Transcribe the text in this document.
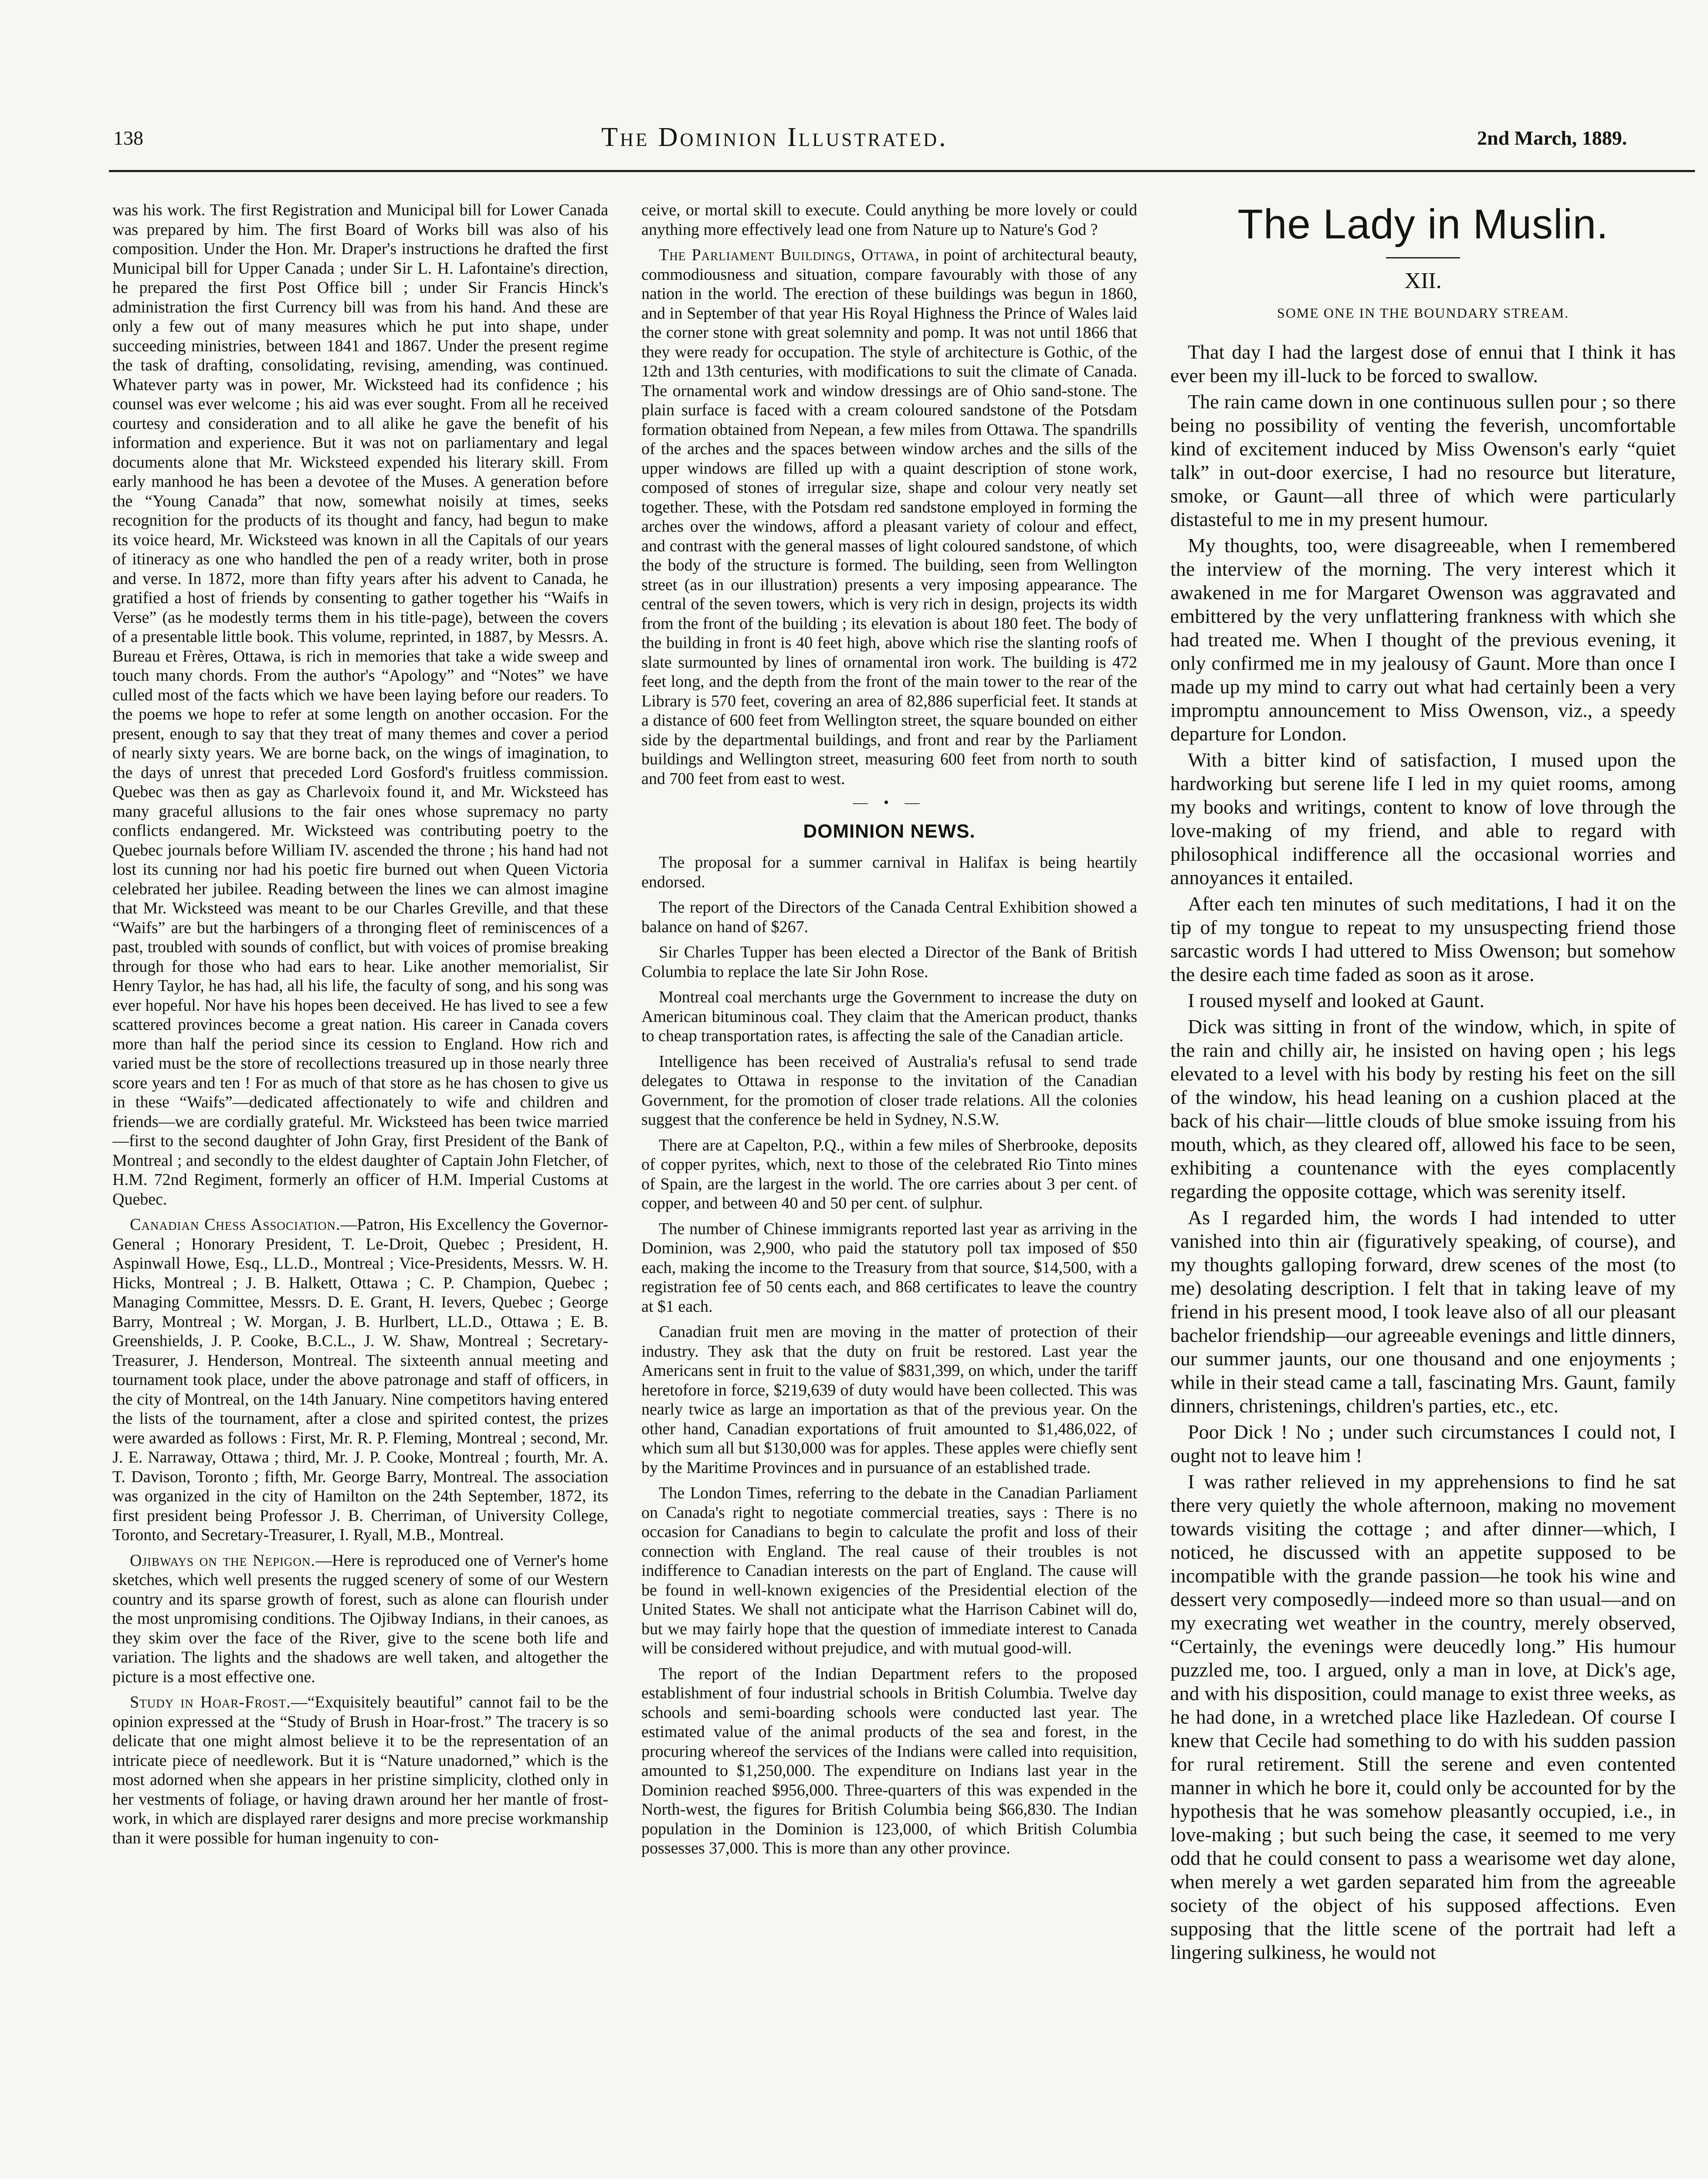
138	The Dominion Illustrated.	2nd March, 1889.

was his work. The first Registration and Municipal bill for Lower Canada was prepared by him. The first Board of Works bill was also of his composition. Under the Hon. Mr. Draper's instructions he drafted the first Municipal bill for Upper Canada ; under Sir L. H. Lafontaine's direction, he prepared the first Post Office bill ; under Sir Francis Hinck's administration the first Currency bill was from his hand. And these are only a few out of many measures which he put into shape, under succeeding ministries, between 1841 and 1867. Under the present regime the task of drafting, consolidating, revising, amending, was continued. Whatever party was in power, Mr. Wicksteed had its confidence ; his counsel was ever welcome ; his aid was ever sought. From all he received courtesy and consideration and to all alike he gave the benefit of his information and experience. But it was not on parliamentary and legal documents alone that Mr. Wicksteed expended his literary skill. From early manhood he has been a devotee of the Muses. A generation before the “Young Canada” that now, somewhat noisily at times, seeks recognition for the products of its thought and fancy, had begun to make its voice heard, Mr. Wicksteed was known in all the Capitals of our years of itineracy as one who handled the pen of a ready writer, both in prose and verse. In 1872, more than fifty years after his advent to Canada, he gratified a host of friends by consenting to gather together his “Waifs in Verse” (as he modestly terms them in his title-page), between the covers of a presentable little book. This volume, reprinted, in 1887, by Messrs. A. Bureau et Frères, Ottawa, is rich in memories that take a wide sweep and touch many chords. From the author's “Apology” and “Notes” we have culled most of the facts which we have been laying before our readers. To the poems we hope to refer at some length on another occasion. For the present, enough to say that they treat of many themes and cover a period of nearly sixty years. We are borne back, on the wings of imagination, to the days of unrest that preceded Lord Gosford's fruitless commission. Quebec was then as gay as Charlevoix found it, and Mr. Wicksteed has many graceful allusions to the fair ones whose supremacy no party conflicts endangered. Mr. Wicksteed was contributing poetry to the Quebec journals before William IV. ascended the throne ; his hand had not lost its cunning nor had his poetic fire burned out when Queen Victoria celebrated her jubilee. Reading between the lines we can almost imagine that Mr. Wicksteed was meant to be our Charles Greville, and that these “Waifs” are but the harbingers of a thronging fleet of reminiscences of a past, troubled with sounds of conflict, but with voices of promise breaking through for those who had ears to hear. Like another memorialist, Sir Henry Taylor, he has had, all his life, the faculty of song, and his song was ever hopeful. Nor have his hopes been deceived. He has lived to see a few scattered provinces become a great nation. His career in Canada covers more than half the period since its cession to England. How rich and varied must be the store of recollections treasured up in those nearly three score years and ten ! For as much of that store as he has chosen to give us in these “Waifs”—dedicated affectionately to wife and children and friends—we are cordially grateful. Mr. Wicksteed has been twice married—first to the second daughter of John Gray, first President of the Bank of Montreal ; and secondly to the eldest daughter of Captain John Fletcher, of H.M. 72nd Regiment, formerly an officer of H.M. Imperial Customs at Quebec.

Canadian Chess Association.—Patron, His Excellency the Governor-General ; Honorary President, T. Le-Droit, Quebec ; President, H. Aspinwall Howe, Esq., LL.D., Montreal ; Vice-Presidents, Messrs. W. H. Hicks, Montreal ; J. B. Halkett, Ottawa ; C. P. Champion, Quebec ; Managing Committee, Messrs. D. E. Grant, H. Ievers, Quebec ; George Barry, Montreal ; W. Morgan, J. B. Hurlbert, LL.D., Ottawa ; E. B. Greenshields, J. P. Cooke, B.C.L., J. W. Shaw, Montreal ; Secretary-Treasurer, J. Henderson, Montreal. The sixteenth annual meeting and tournament took place, under the above patronage and staff of officers, in the city of Montreal, on the 14th January. Nine competitors having entered the lists of the tournament, after a close and spirited contest, the prizes were awarded as follows : First, Mr. R. P. Fleming, Montreal ; second, Mr. J. E. Narraway, Ottawa ; third, Mr. J. P. Cooke, Montreal ; fourth, Mr. A. T. Davison, Toronto ; fifth, Mr. George Barry, Montreal. The association was organized in the city of Hamilton on the 24th September, 1872, its first president being Professor J. B. Cherriman, of University College, Toronto, and Secretary-Treasurer, I. Ryall, M.B., Montreal.

Ojibways on the Nepigon.—Here is reproduced one of Verner's home sketches, which well presents the rugged scenery of some of our Western country and its sparse growth of forest, such as alone can flourish under the most unpromising conditions. The Ojibway Indians, in their canoes, as they skim over the face of the River, give to the scene both life and variation. The lights and the shadows are well taken, and altogether the picture is a most effective one.

Study in Hoar-Frost.—“Exquisitely beautiful” cannot fail to be the opinion expressed at the “Study of Brush in Hoar-frost.” The tracery is so delicate that one might almost believe it to be the representation of an intricate piece of needlework. But it is “Nature unadorned,” which is the most adorned when she appears in her pristine simplicity, clothed only in her vestments of foliage, or having drawn around her her mantle of frost-work, in which are displayed rarer designs and more precise workmanship than it were possible for human ingenuity to con-

ceive, or mortal skill to execute. Could anything be more lovely or could anything more effectively lead one from Nature up to Nature's God ?

The Parliament Buildings, Ottawa, in point of architectural beauty, commodiousness and situation, compare favourably with those of any nation in the world. The erection of these buildings was begun in 1860, and in September of that year His Royal Highness the Prince of Wales laid the corner stone with great solemnity and pomp. It was not until 1866 that they were ready for occupation. The style of architecture is Gothic, of the 12th and 13th centuries, with modifications to suit the climate of Canada. The ornamental work and window dressings are of Ohio sand-stone. The plain surface is faced with a cream coloured sandstone of the Potsdam formation obtained from Nepean, a few miles from Ottawa. The spandrills of the arches and the spaces between window arches and the sills of the upper windows are filled up with a quaint description of stone work, composed of stones of irregular size, shape and colour very neatly set together. These, with the Potsdam red sandstone employed in forming the arches over the windows, afford a pleasant variety of colour and effect, and contrast with the general masses of light coloured sandstone, of which the body of the structure is formed. The building, seen from Wellington street (as in our illustration) presents a very imposing appearance. The central of the seven towers, which is very rich in design, projects its width from the front of the building ; its elevation is about 180 feet. The body of the building in front is 40 feet high, above which rise the slanting roofs of slate surmounted by lines of ornamental iron work. The building is 472 feet long, and the depth from the front of the main tower to the rear of the Library is 570 feet, covering an area of 82,886 superficial feet. It stands at a distance of 600 feet from Wellington street, the square bounded on either side by the departmental buildings, and front and rear by the Parliament buildings and Wellington street, measuring 600 feet from north to south and 700 feet from east to west.

— • —
DOMINION NEWS.

The proposal for a summer carnival in Halifax is being heartily endorsed.

The report of the Directors of the Canada Central Exhibition showed a balance on hand of $267.

Sir Charles Tupper has been elected a Director of the Bank of British Columbia to replace the late Sir John Rose.

Montreal coal merchants urge the Government to increase the duty on American bituminous coal. They claim that the American product, thanks to cheap transportation rates, is affecting the sale of the Canadian article.

Intelligence has been received of Australia's refusal to send trade delegates to Ottawa in response to the invitation of the Canadian Government, for the promotion of closer trade relations. All the colonies suggest that the conference be held in Sydney, N.S.W.

There are at Capelton, P.Q., within a few miles of Sherbrooke, deposits of copper pyrites, which, next to those of the celebrated Rio Tinto mines of Spain, are the largest in the world. The ore carries about 3 per cent. of copper, and between 40 and 50 per cent. of sulphur.

The number of Chinese immigrants reported last year as arriving in the Dominion, was 2,900, who paid the statutory poll tax imposed of $50 each, making the income to the Treasury from that source, $14,500, with a registration fee of 50 cents each, and 868 certificates to leave the country at $1 each.

Canadian fruit men are moving in the matter of protection of their industry. They ask that the duty on fruit be restored. Last year the Americans sent in fruit to the value of $831,399, on which, under the tariff heretofore in force, $219,639 of duty would have been collected. This was nearly twice as large an importation as that of the previous year. On the other hand, Canadian exportations of fruit amounted to $1,486,022, of which sum all but $130,000 was for apples. These apples were chiefly sent by the Maritime Provinces and in pursuance of an established trade.

The London Times, referring to the debate in the Canadian Parliament on Canada's right to negotiate commercial treaties, says : There is no occasion for Canadians to begin to calculate the profit and loss of their connection with England. The real cause of their troubles is not indifference to Canadian interests on the part of England. The cause will be found in well-known exigencies of the Presidential election of the United States. We shall not anticipate what the Harrison Cabinet will do, but we may fairly hope that the question of immediate interest to Canada will be considered without prejudice, and with mutual good-will.

The report of the Indian Department refers to the proposed establishment of four industrial schools in British Columbia. Twelve day schools and semi-boarding schools were conducted last year. The estimated value of the animal products of the sea and forest, in the procuring whereof the services of the Indians were called into requisition, amounted to $1,250,000. The expenditure on Indians last year in the Dominion reached $956,000. Three-quarters of this was expended in the North-west, the figures for British Columbia being $66,830. The Indian population in the Dominion is 123,000, of which British Columbia possesses 37,000. This is more than any other province.

The Lady in Muslin.
XII.
SOME ONE IN THE BOUNDARY STREAM.

That day I had the largest dose of ennui that I think it has ever been my ill-luck to be forced to swallow.

The rain came down in one continuous sullen pour ; so there being no possibility of venting the feverish, uncomfortable kind of excitement induced by Miss Owenson's early “quiet talk” in out-door exercise, I had no resource but literature, smoke, or Gaunt—all three of which were particularly distasteful to me in my present humour.

My thoughts, too, were disagreeable, when I remembered the interview of the morning. The very interest which it awakened in me for Margaret Owenson was aggravated and embittered by the very unflattering frankness with which she had treated me. When I thought of the previous evening, it only confirmed me in my jealousy of Gaunt. More than once I made up my mind to carry out what had certainly been a very impromptu announcement to Miss Owenson, viz., a speedy departure for London.

With a bitter kind of satisfaction, I mused upon the hardworking but serene life I led in my quiet rooms, among my books and writings, content to know of love through the love-making of my friend, and able to regard with philosophical indifference all the occasional worries and annoyances it entailed.

After each ten minutes of such meditations, I had it on the tip of my tongue to repeat to my unsuspecting friend those sarcastic words I had uttered to Miss Owenson; but somehow the desire each time faded as soon as it arose.

I roused myself and looked at Gaunt.

Dick was sitting in front of the window, which, in spite of the rain and chilly air, he insisted on having open ; his legs elevated to a level with his body by resting his feet on the sill of the window, his head leaning on a cushion placed at the back of his chair—little clouds of blue smoke issuing from his mouth, which, as they cleared off, allowed his face to be seen, exhibiting a countenance with the eyes complacently regarding the opposite cottage, which was serenity itself.

As I regarded him, the words I had intended to utter vanished into thin air (figuratively speaking, of course), and my thoughts galloping forward, drew scenes of the most (to me) desolating description. I felt that in taking leave of my friend in his present mood, I took leave also of all our pleasant bachelor friendship—our agreeable evenings and little dinners, our summer jaunts, our one thousand and one enjoyments ; while in their stead came a tall, fascinating Mrs. Gaunt, family dinners, christenings, children's parties, etc., etc.

Poor Dick ! No ; under such circumstances I could not, I ought not to leave him !

I was rather relieved in my apprehensions to find he sat there very quietly the whole afternoon, making no movement towards visiting the cottage ; and after dinner—which, I noticed, he discussed with an appetite supposed to be incompatible with the grande passion—he took his wine and dessert very composedly—indeed more so than usual—and on my execrating wet weather in the country, merely observed, “Certainly, the evenings were deucedly long.” His humour puzzled me, too. I argued, only a man in love, at Dick's age, and with his disposition, could manage to exist three weeks, as he had done, in a wretched place like Hazledean. Of course I knew that Cecile had something to do with his sudden passion for rural retirement. Still the serene and even contented manner in which he bore it, could only be accounted for by the hypothesis that he was somehow pleasantly occupied, i.e., in love-making ; but such being the case, it seemed to me very odd that he could consent to pass a wearisome wet day alone, when merely a wet garden separated him from the agreeable society of the object of his supposed affections. Even supposing that the little scene of the portrait had left a lingering sulkiness, he would not
